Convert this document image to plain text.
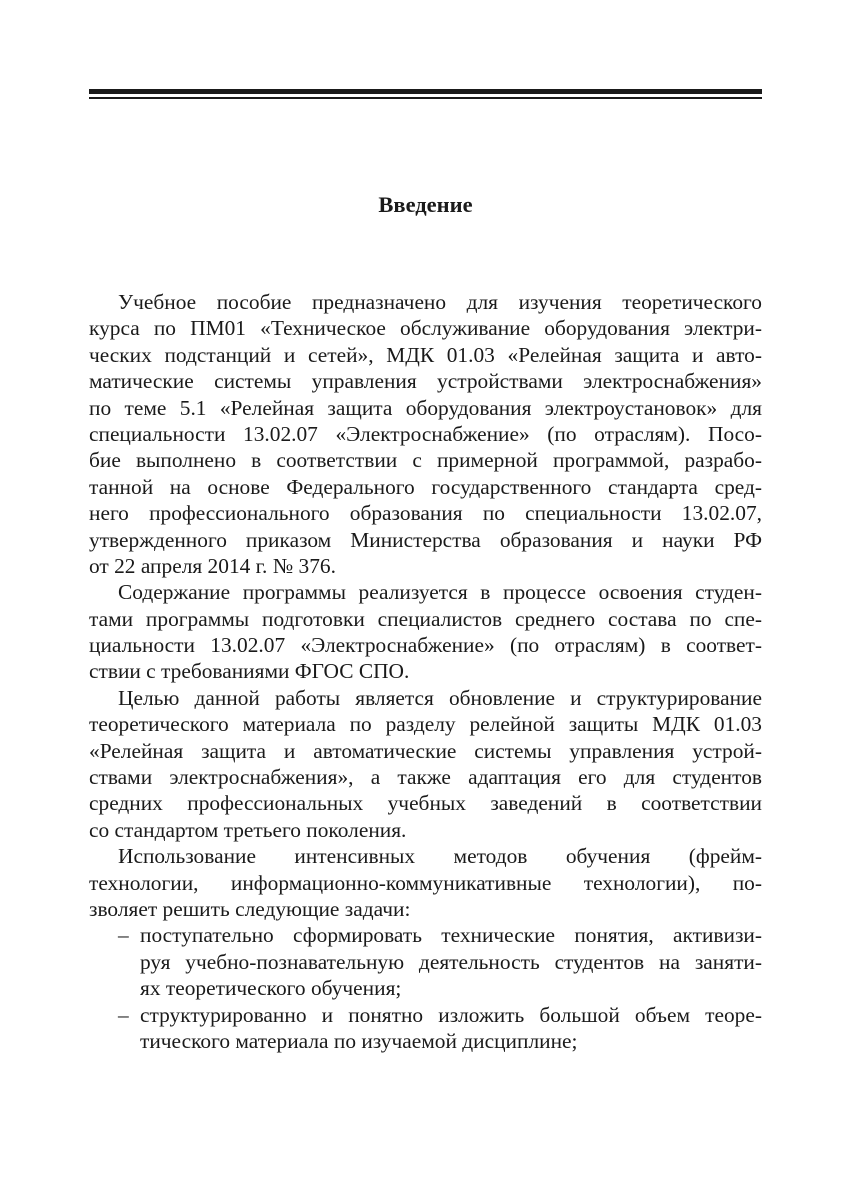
Введение
Учебное пособие предназначено для изучения теоретического
курса по ПМ01 «Техническое обслуживание оборудования электри-
ческих подстанций и сетей», МДК 01.03 «Релейная защита и авто-
матические системы управления устройствами электроснабжения»
по теме 5.1 «Релейная защита оборудования электроустановок» для
специальности 13.02.07 «Электроснабжение» (по отраслям). Посо-
бие выполнено в соответствии с примерной программой, разрабо-
танной на основе Федерального государственного стандарта сред-
него профессионального образования по специальности 13.02.07,
утвержденного приказом Министерства образования и науки РФ
от 22 апреля 2014 г. № 376.
Содержание программы реализуется в процессе освоения студен-
тами программы подготовки специалистов среднего состава по спе-
циальности 13.02.07 «Электроснабжение» (по отраслям) в соответ-
ствии с требованиями ФГОС СПО.
Целью данной работы является обновление и структурирование
теоретического материала по разделу релейной защиты МДК 01.03
«Релейная защита и автоматические системы управления устрой-
ствами электроснабжения», а также адаптация его для студентов
средних профессиональных учебных заведений в соответствии
со стандартом третьего поколения.
Использование интенсивных методов обучения (фрейм-
технологии, информационно-коммуникативные технологии), по-
зволяет решить следующие задачи:
– поступательно сформировать технические понятия, активизи-
руя учебно-познавательную деятельность студентов на заняти-
ях теоретического обучения;
– структурированно и понятно изложить большой объем теоре-
тического материала по изучаемой дисциплине;
